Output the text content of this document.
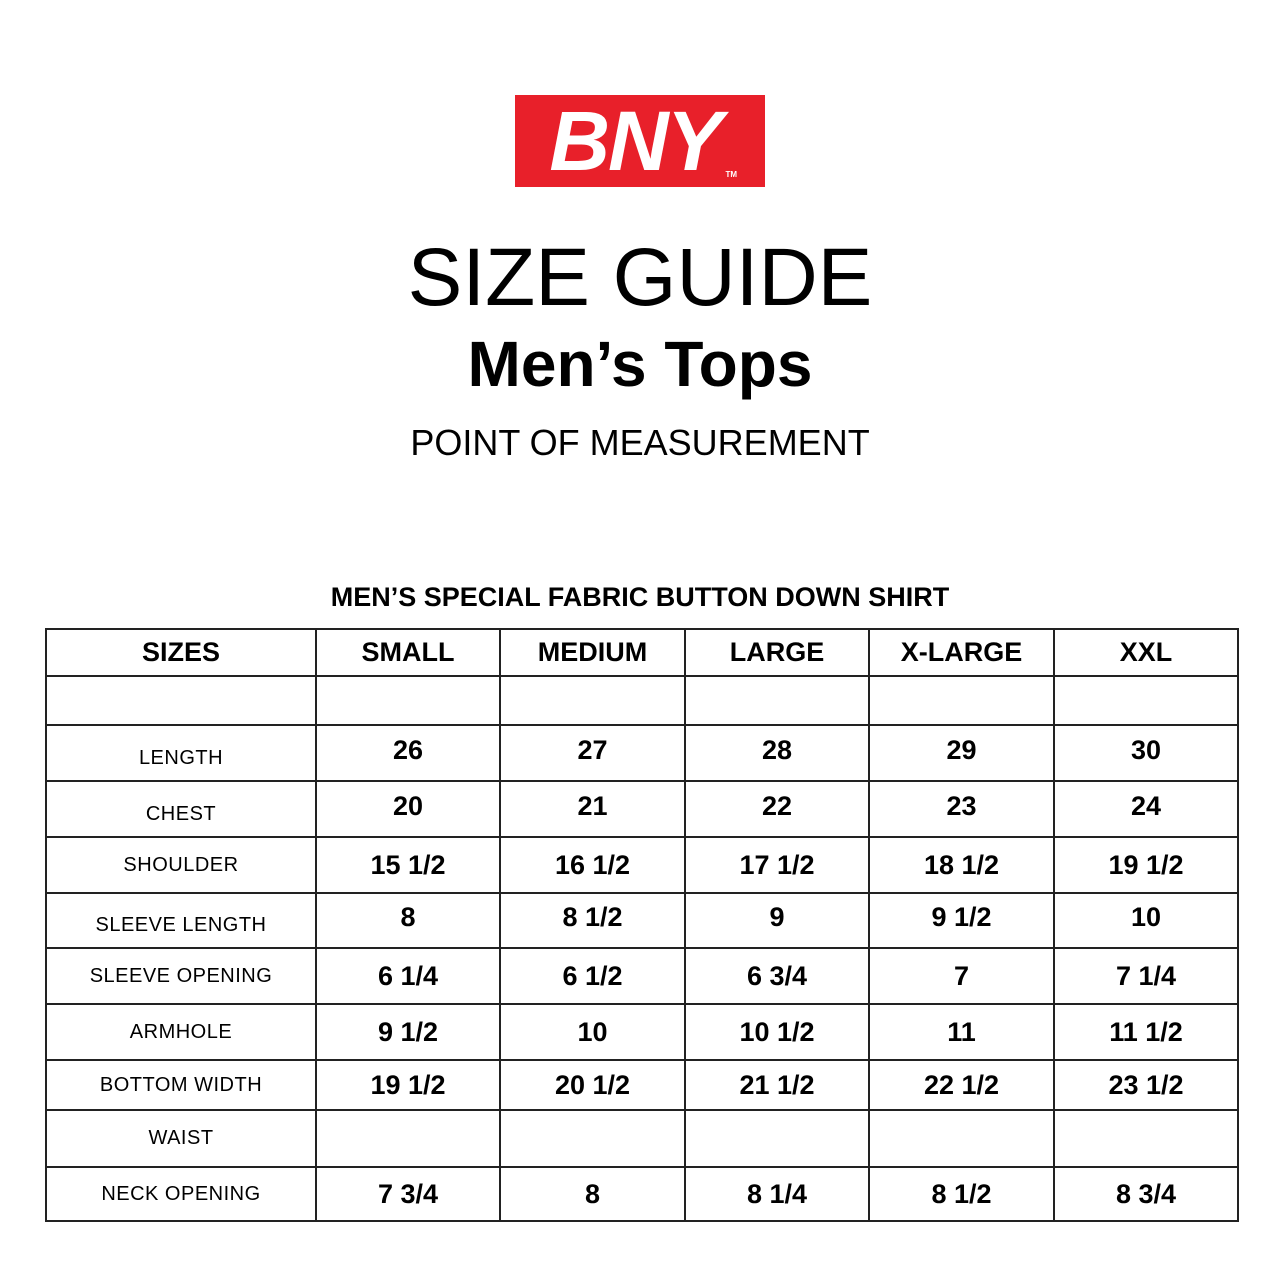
BNY TM
SIZE GUIDE
Men’s Tops
POINT OF MEASUREMENT
MEN’S SPECIAL FABRIC BUTTON DOWN SHIRT
SIZES	SMALL	MEDIUM	LARGE	X-LARGE	XXL

LENGTH	26	27	28	29	30
CHEST	20	21	22	23	24
SHOULDER	15 1/2	16 1/2	17 1/2	18 1/2	19 1/2
SLEEVE LENGTH	8	8 1/2	9	9 1/2	10
SLEEVE OPENING	6 1/4	6 1/2	6 3/4	7	7 1/4
ARMHOLE	9 1/2	10	10 1/2	11	11 1/2
BOTTOM WIDTH	19 1/2	20 1/2	21 1/2	22 1/2	23 1/2
WAIST					
NECK OPENING	7 3/4	8	8 1/4	8 1/2	8 3/4
